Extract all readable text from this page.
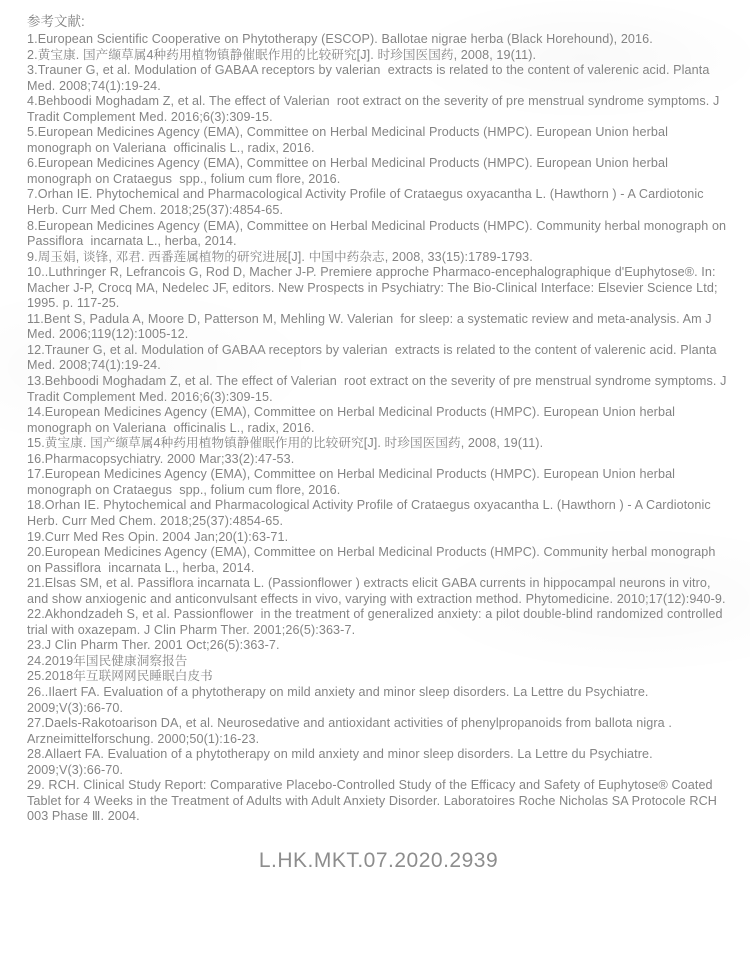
参考文献:

1.European Scientific Cooperative on Phytotherapy (ESCOP). Ballotae nigrae herba (Black Horehound), 2016.

2.黄宝康. 国产缬草属4种药用植物镇静催眠作用的比较研究[J]. 时珍国医国药, 2008, 19(11).

3.Trauner G, et al. Modulation of GABAA receptors by valerian  extracts is related to the content of valerenic acid. Planta Med. 2008;74(1):19-24.

4.Behboodi Moghadam Z, et al. The effect of Valerian  root extract on the severity of pre menstrual syndrome symptoms. J Tradit Complement Med. 2016;6(3):309-15.

5.European Medicines Agency (EMA), Committee on Herbal Medicinal Products (HMPC). European Union herbal monograph on Valeriana  officinalis L., radix, 2016.

6.European Medicines Agency (EMA), Committee on Herbal Medicinal Products (HMPC). European Union herbal monograph on Crataegus  spp., folium cum flore, 2016.

7.Orhan IE. Phytochemical and Pharmacological Activity Profile of Crataegus oxyacantha L. (Hawthorn ) - A Cardiotonic Herb. Curr Med Chem. 2018;25(37):4854-65.

8.European Medicines Agency (EMA), Committee on Herbal Medicinal Products (HMPC). Community herbal monograph on Passiflora  incarnata L., herba, 2014.

9.周玉娟, 谈锋, 邓君. 西番莲属植物的研究进展[J]. 中国中药杂志, 2008, 33(15):1789-1793.

10..Luthringer R, Lefrancois G, Rod D, Macher J-P. Premiere approche Pharmaco-encephalographique d'Euphytose®. In: Macher J-P, Crocq MA, Nedelec JF, editors. New Prospects in Psychiatry: The Bio-Clinical Interface: Elsevier Science Ltd; 1995. p. 117-25.

11.Bent S, Padula A, Moore D, Patterson M, Mehling W. Valerian  for sleep: a systematic review and meta-analysis. Am J Med. 2006;119(12):1005-12.

12.Trauner G, et al. Modulation of GABAA receptors by valerian  extracts is related to the content of valerenic acid. Planta Med. 2008;74(1):19-24.

13.Behboodi Moghadam Z, et al. The effect of Valerian  root extract on the severity of pre menstrual syndrome symptoms. J Tradit Complement Med. 2016;6(3):309-15.

14.European Medicines Agency (EMA), Committee on Herbal Medicinal Products (HMPC). European Union herbal monograph on Valeriana  officinalis L., radix, 2016.

15.黄宝康. 国产缬草属4种药用植物镇静催眠作用的比较研究[J]. 时珍国医国药, 2008, 19(11).

16.Pharmacopsychiatry. 2000 Mar;33(2):47-53.

17.European Medicines Agency (EMA), Committee on Herbal Medicinal Products (HMPC). European Union herbal monograph on Crataegus  spp., folium cum flore, 2016.

18.Orhan IE. Phytochemical and Pharmacological Activity Profile of Crataegus oxyacantha L. (Hawthorn ) - A Cardiotonic Herb. Curr Med Chem. 2018;25(37):4854-65.

19.Curr Med Res Opin. 2004 Jan;20(1):63-71.

20.European Medicines Agency (EMA), Committee on Herbal Medicinal Products (HMPC). Community herbal monograph on Passiflora  incarnata L., herba, 2014.

21.Elsas SM, et al. Passiflora incarnata L. (Passionflower ) extracts elicit GABA currents in hippocampal neurons in vitro, and show anxiogenic and anticonvulsant effects in vivo, varying with extraction method. Phytomedicine. 2010;17(12):940-9.

22.Akhondzadeh S, et al. Passionflower  in the treatment of generalized anxiety: a pilot double-blind randomized controlled trial with oxazepam. J Clin Pharm Ther. 2001;26(5):363-7.

23.J Clin Pharm Ther. 2001 Oct;26(5):363-7.

24.2019年国民健康洞察报告

25.2018年互联网网民睡眠白皮书

26..Ilaert FA. Evaluation of a phytotherapy on mild anxiety and minor sleep disorders. La Lettre du Psychiatre. 2009;V(3):66-70.

27.Daels-Rakotoarison DA, et al. Neurosedative and antioxidant activities of phenylpropanoids from ballota nigra . Arzneimittelforschung. 2000;50(1):16-23.

28.Allaert FA. Evaluation of a phytotherapy on mild anxiety and minor sleep disorders. La Lettre du Psychiatre. 2009;V(3):66-70.

29. RCH. Clinical Study Report: Comparative Placebo-Controlled Study of the Efficacy and Safety of Euphytose® Coated Tablet for 4 Weeks in the Treatment of Adults with Adult Anxiety Disorder. Laboratoires Roche Nicholas SA Protocole RCH 003 Phase Ⅲ. 2004.

L.HK.MKT.07.2020.2939
